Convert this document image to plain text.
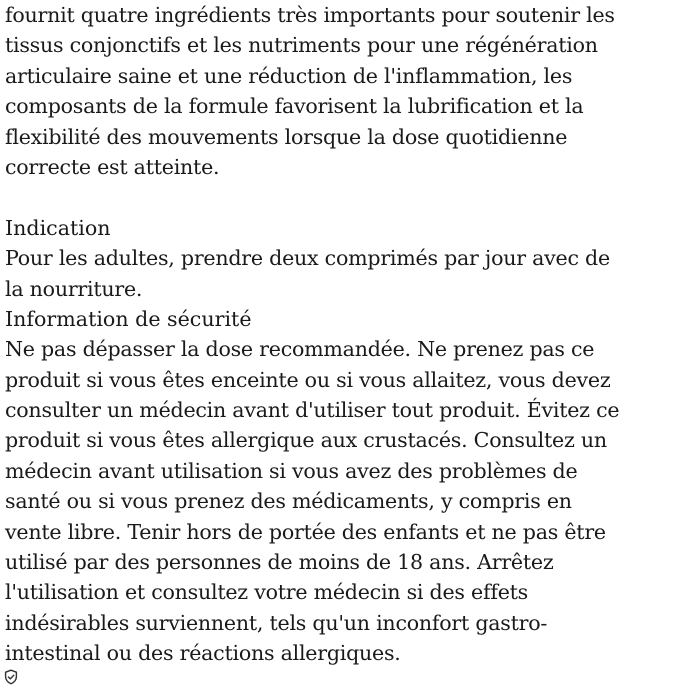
fournit quatre ingrédients très importants pour soutenir les
tissus conjonctifs et les nutriments pour une régénération
articulaire saine et une réduction de l'inflammation, les
composants de la formule favorisent la lubrification et la
flexibilité des mouvements lorsque la dose quotidienne
correcte est atteinte.
Indication
Pour les adultes, prendre deux comprimés par jour avec de
la nourriture.
Information de sécurité
Ne pas dépasser la dose recommandée. Ne prenez pas ce
produit si vous êtes enceinte ou si vous allaitez, vous devez
consulter un médecin avant d'utiliser tout produit. Évitez ce
produit si vous êtes allergique aux crustacés. Consultez un
médecin avant utilisation si vous avez des problèmes de
santé ou si vous prenez des médicaments, y compris en
vente libre. Tenir hors de portée des enfants et ne pas être
utilisé par des personnes de moins de 18 ans. Arrêtez
l'utilisation et consultez votre médecin si des effets
indésirables surviennent, tels qu'un inconfort gastro-
intestinal ou des réactions allergiques.
